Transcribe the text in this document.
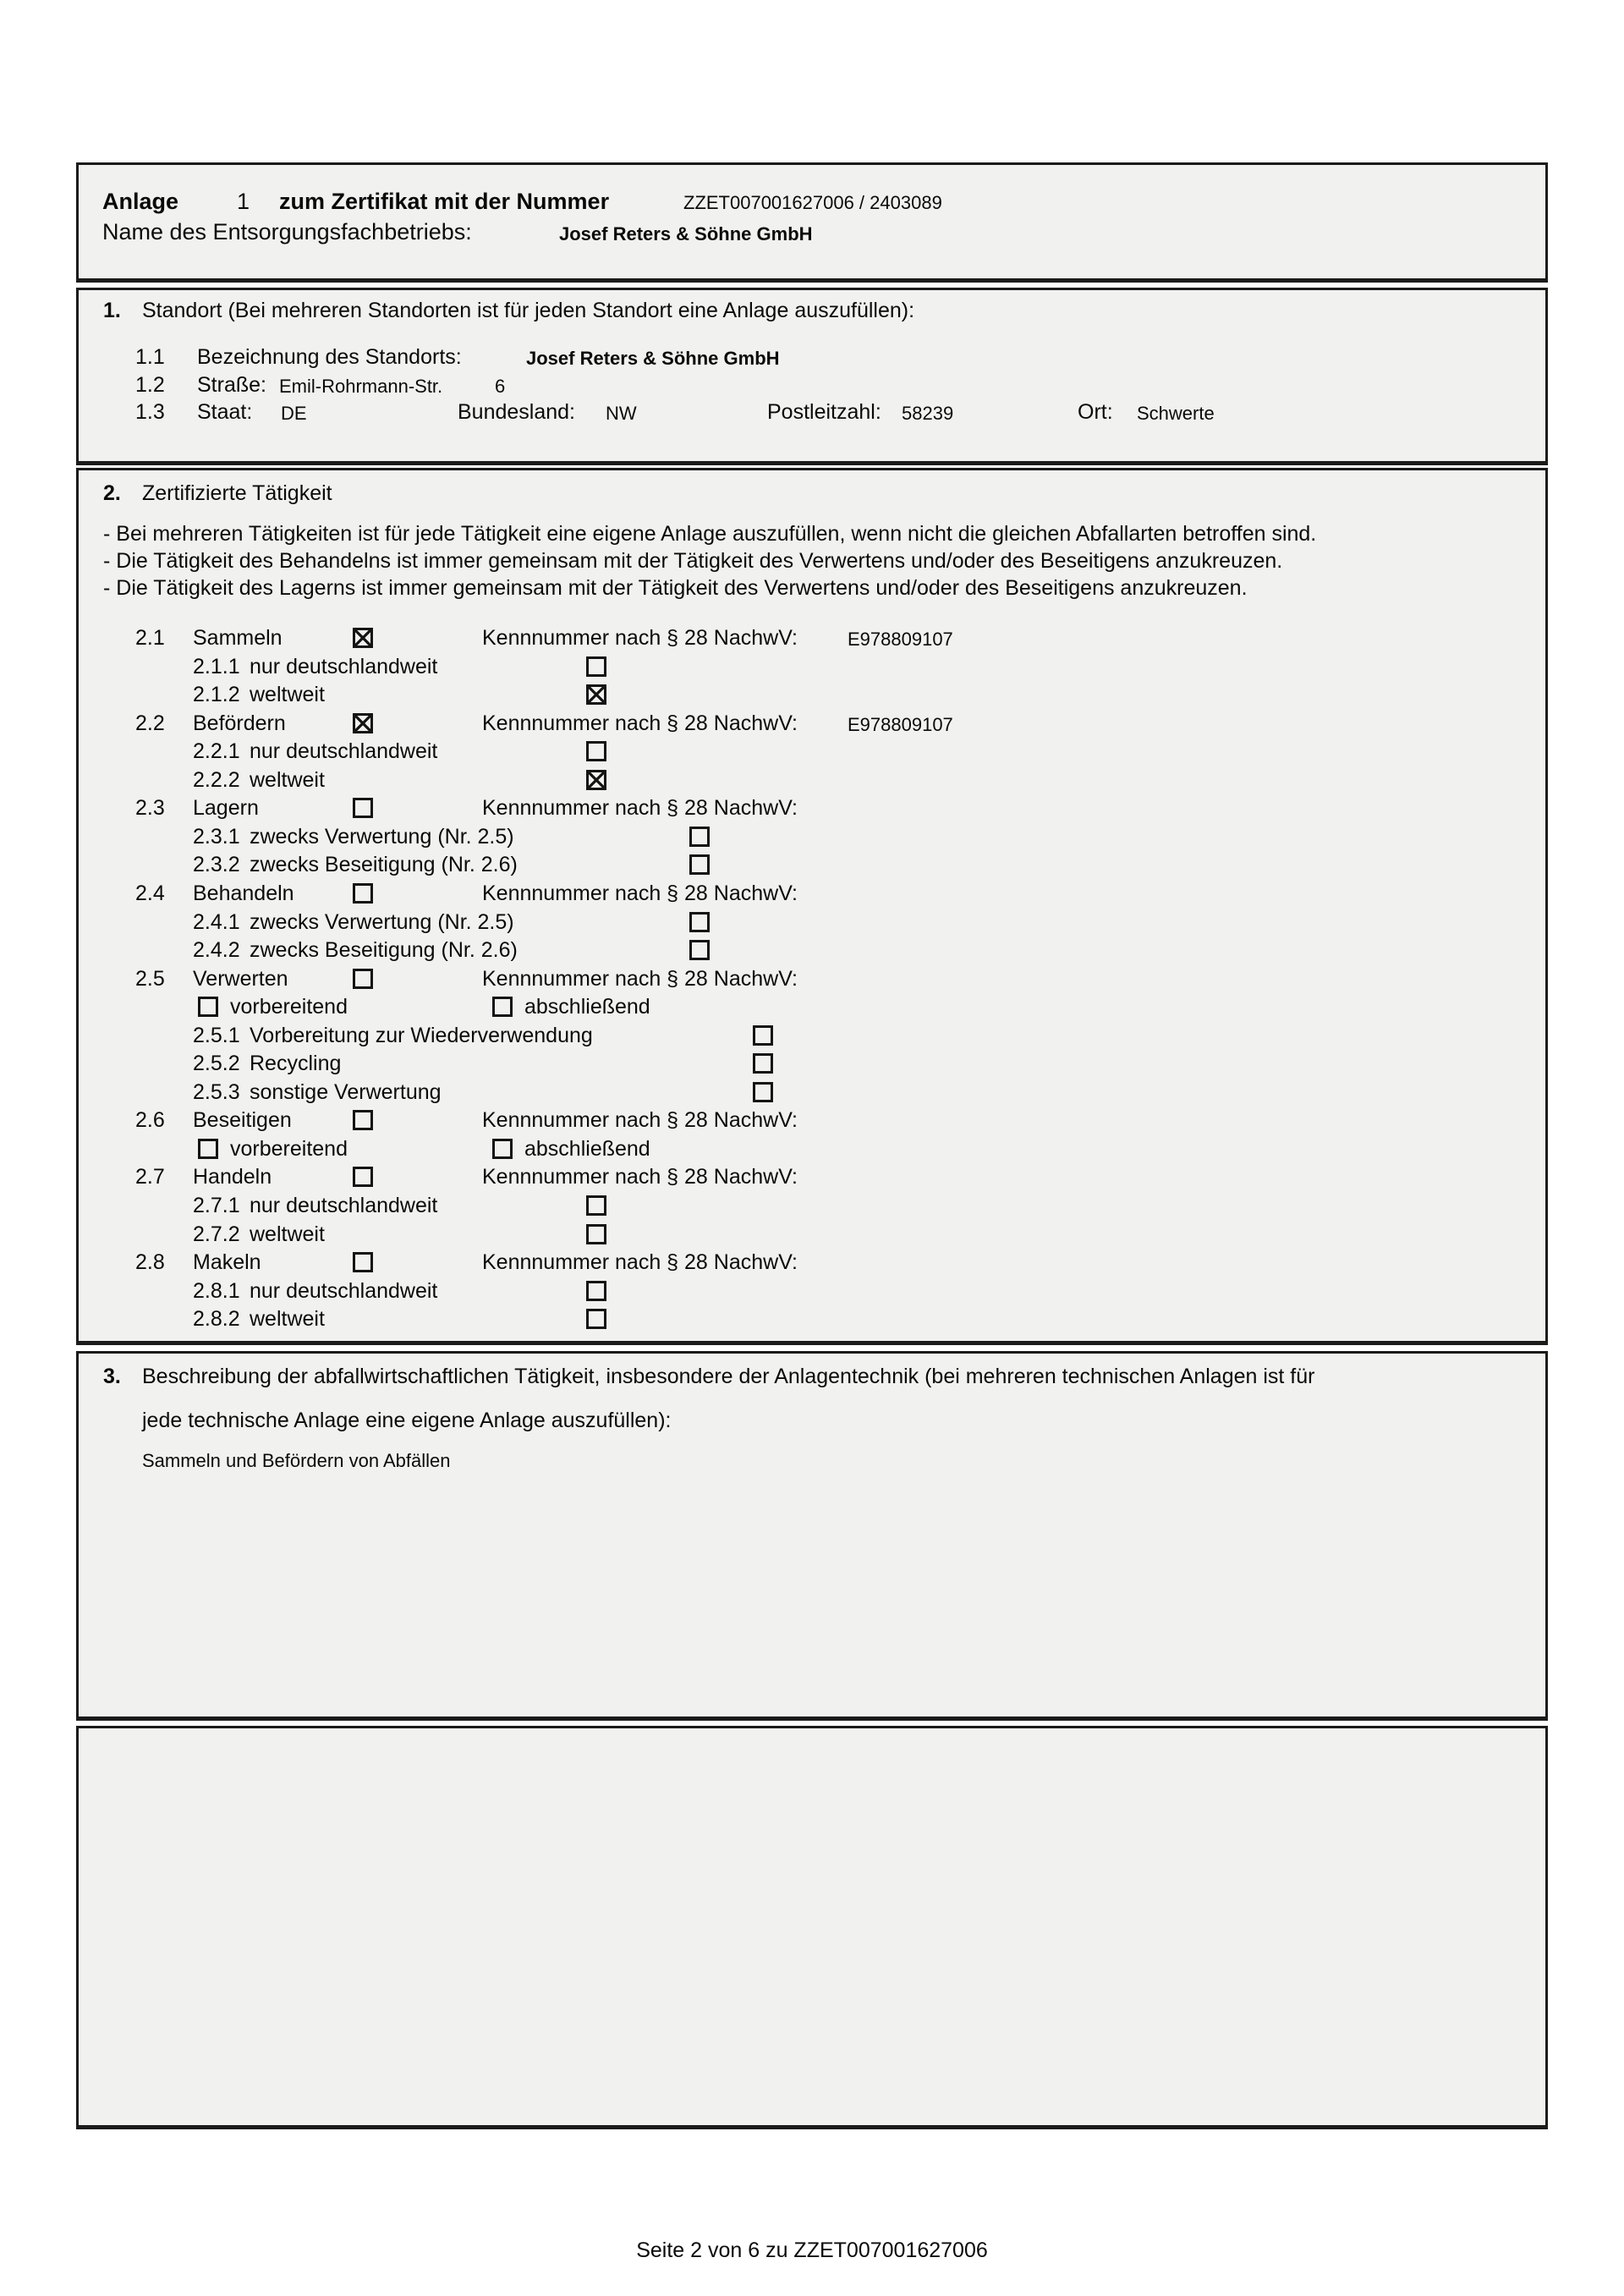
Anlage	1 zum Zertifikat mit der Nummer	ZZET007001627006 / 2403089
Name des Entsorgungsfachbetriebs:	Josef Reters & Söhne GmbH
1. Standort (Bei mehreren Standorten ist für jeden Standort eine Anlage auszufüllen):
1.1 Bezeichnung des Standorts:	Josef Reters & Söhne GmbH
1.2 Straße: Emil-Rohrmann-Str.	6
1.3 Staat: DE	Bundesland: NW	Postleitzahl: 58239	Ort: Schwerte
2. Zertifizierte Tätigkeit
- Bei mehreren Tätigkeiten ist für jede Tätigkeit eine eigene Anlage auszufüllen, wenn nicht die gleichen Abfallarten betroffen sind.
- Die Tätigkeit des Behandelns ist immer gemeinsam mit der Tätigkeit des Verwertens und/oder des Beseitigens anzukreuzen.
- Die Tätigkeit des Lagerns ist immer gemeinsam mit der Tätigkeit des Verwertens und/oder des Beseitigens anzukreuzen.
2.1 Sammeln	Kennnummer nach § 28 NachwV:	E978809107
2.1.1 nur deutschlandweit
2.1.2 weltweit
2.2 Befördern	Kennnummer nach § 28 NachwV:	E978809107
2.2.1 nur deutschlandweit
2.2.2 weltweit
2.3 Lagern	Kennnummer nach § 28 NachwV:
2.3.1 zwecks Verwertung (Nr. 2.5)
2.3.2 zwecks Beseitigung (Nr. 2.6)
2.4 Behandeln	Kennnummer nach § 28 NachwV:
2.4.1 zwecks Verwertung (Nr. 2.5)
2.4.2 zwecks Beseitigung (Nr. 2.6)
2.5 Verwerten	Kennnummer nach § 28 NachwV:
vorbereitend	abschließend
2.5.1 Vorbereitung zur Wiederverwendung
2.5.2 Recycling
2.5.3 sonstige Verwertung
2.6 Beseitigen	Kennnummer nach § 28 NachwV:
vorbereitend	abschließend
2.7 Handeln	Kennnummer nach § 28 NachwV:
2.7.1 nur deutschlandweit
2.7.2 weltweit
2.8 Makeln	Kennnummer nach § 28 NachwV:
2.8.1 nur deutschlandweit
2.8.2 weltweit
3. Beschreibung der abfallwirtschaftlichen Tätigkeit, insbesondere der Anlagentechnik (bei mehreren technischen Anlagen ist für
jede technische Anlage eine eigene Anlage auszufüllen):
Sammeln und Befördern von Abfällen
Seite 2 von 6 zu ZZET007001627006
